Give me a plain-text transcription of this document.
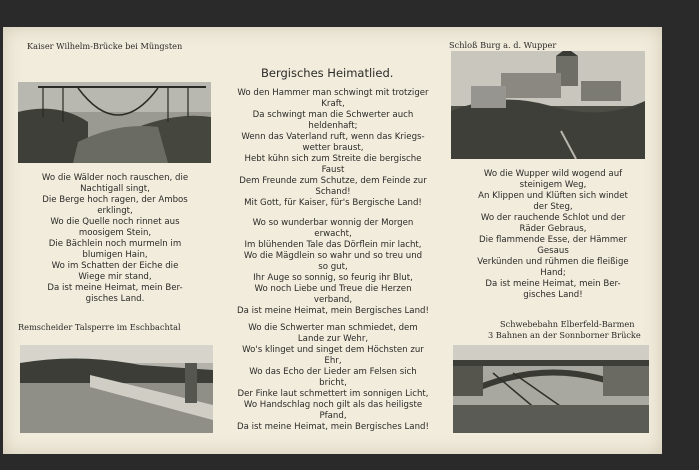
Kaiser Wilhelm-Brücke bei Müngsten	Schloß Burg a. d. Wupper
Remscheider Talsperre im Eschbachtal	Schwebebahn Elberfeld-Barmen
3 Bahnen an der Sonnborner Brücke
Bergisches Heimatlied.
Wo die Wälder noch rauschen, die
Nachtigall singt,
Die Berge hoch ragen, der Ambos
erklingt,
Wo die Quelle noch rinnet aus
moosigem Stein,
Die Bächlein noch murmeln im
blumigen Hain,
Wo im Schatten der Eiche die
Wiege mir stand,
Da ist meine Heimat, mein Ber-
gisches Land.
Wo den Hammer man schwingt mit trotziger
Kraft,
Da schwingt man die Schwerter auch
heldenhaft;
Wenn das Vaterland ruft, wenn das Kriegs-
wetter braust,
Hebt kühn sich zum Streite die bergische
Faust
Dem Freunde zum Schutze, dem Feinde zur
Schand!
Mit Gott, für Kaiser, für's Bergische Land!
Wo so wunderbar wonnig der Morgen
erwacht,
Im blühenden Tale das Dörflein mir lacht,
Wo die Mägdlein so wahr und so treu und
so gut,
Ihr Auge so sonnig, so feurig ihr Blut,
Wo noch Liebe und Treue die Herzen
verband,
Da ist meine Heimat, mein Bergisches Land!
Wo die Schwerter man schmiedet, dem
Lande zur Wehr,
Wo's klinget und singet dem Höchsten zur
Ehr,
Wo das Echo der Lieder am Felsen sich
bricht,
Der Finke laut schmettert im sonnigen Licht,
Wo Handschlag noch gilt als das heiligste
Pfand,
Da ist meine Heimat, mein Bergisches Land!
Wo die Wupper wild wogend auf
steinigem Weg,
An Klippen und Klüften sich windet
der Steg,
Wo der rauchende Schlot und der
Räder Gebraus,
Die flammende Esse, der Hämmer
Gesaus
Verkünden und rühmen die fleißige
Hand;
Da ist meine Heimat, mein Ber-
gisches Land!
